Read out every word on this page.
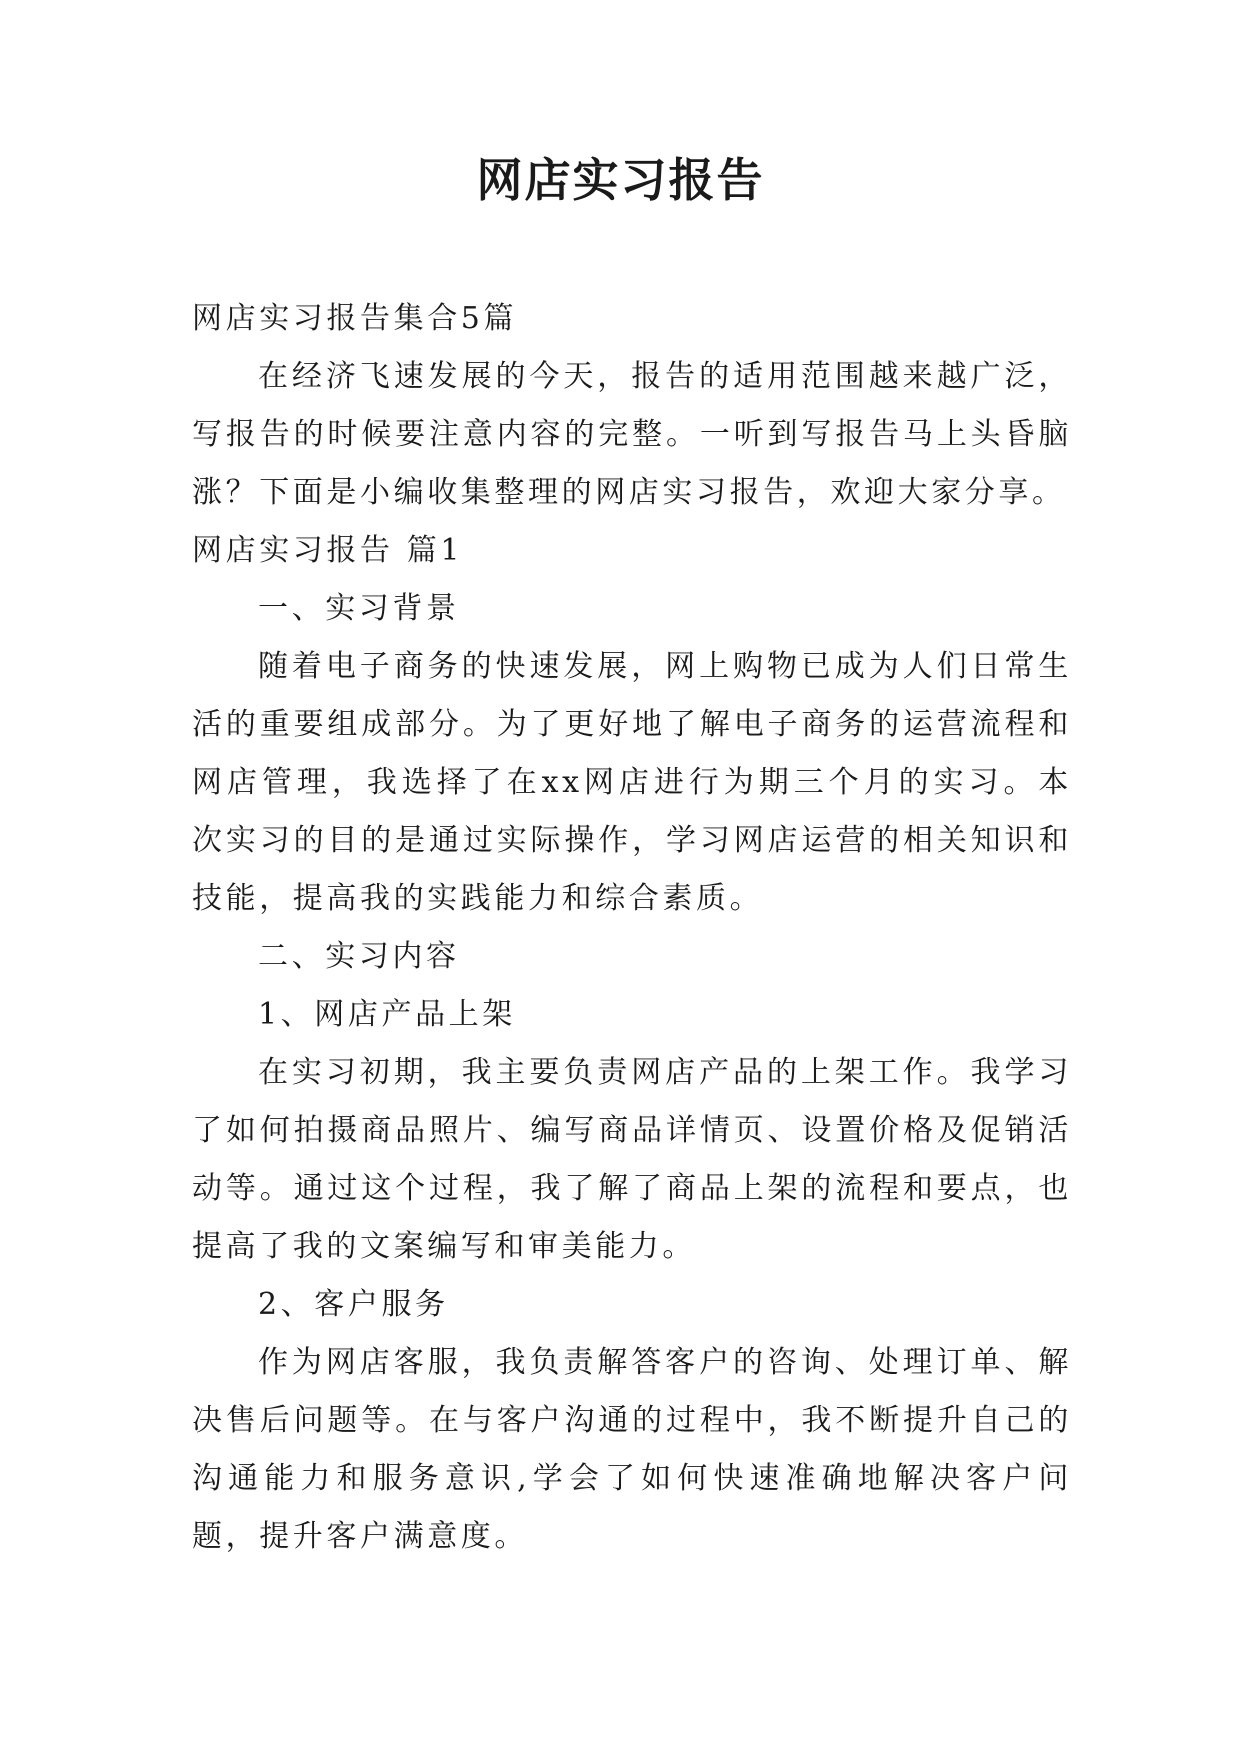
网店实习报告

网店实习报告集合5篇

在经济飞速发展的今天，报告的适用范围越来越广泛，写报告的时候要注意内容的完整。一听到写报告马上头昏脑涨？下面是小编收集整理的网店实习报告，欢迎大家分享。

网店实习报告 篇1

一、实习背景

随着电子商务的快速发展，网上购物已成为人们日常生活的重要组成部分。为了更好地了解电子商务的运营流程和网店管理，我选择了在xx网店进行为期三个月的实习。本次实习的目的是通过实际操作，学习网店运营的相关知识和技能，提高我的实践能力和综合素质。

二、实习内容

1、网店产品上架

在实习初期，我主要负责网店产品的上架工作。我学习了如何拍摄商品照片、编写商品详情页、设置价格及促销活动等。通过这个过程，我了解了商品上架的流程和要点，也提高了我的文案编写和审美能力。

2、客户服务

作为网店客服，我负责解答客户的咨询、处理订单、解决售后问题等。在与客户沟通的过程中，我不断提升自己的沟通能力和服务意识,学会了如何快速准确地解决客户问题，提升客户满意度。
